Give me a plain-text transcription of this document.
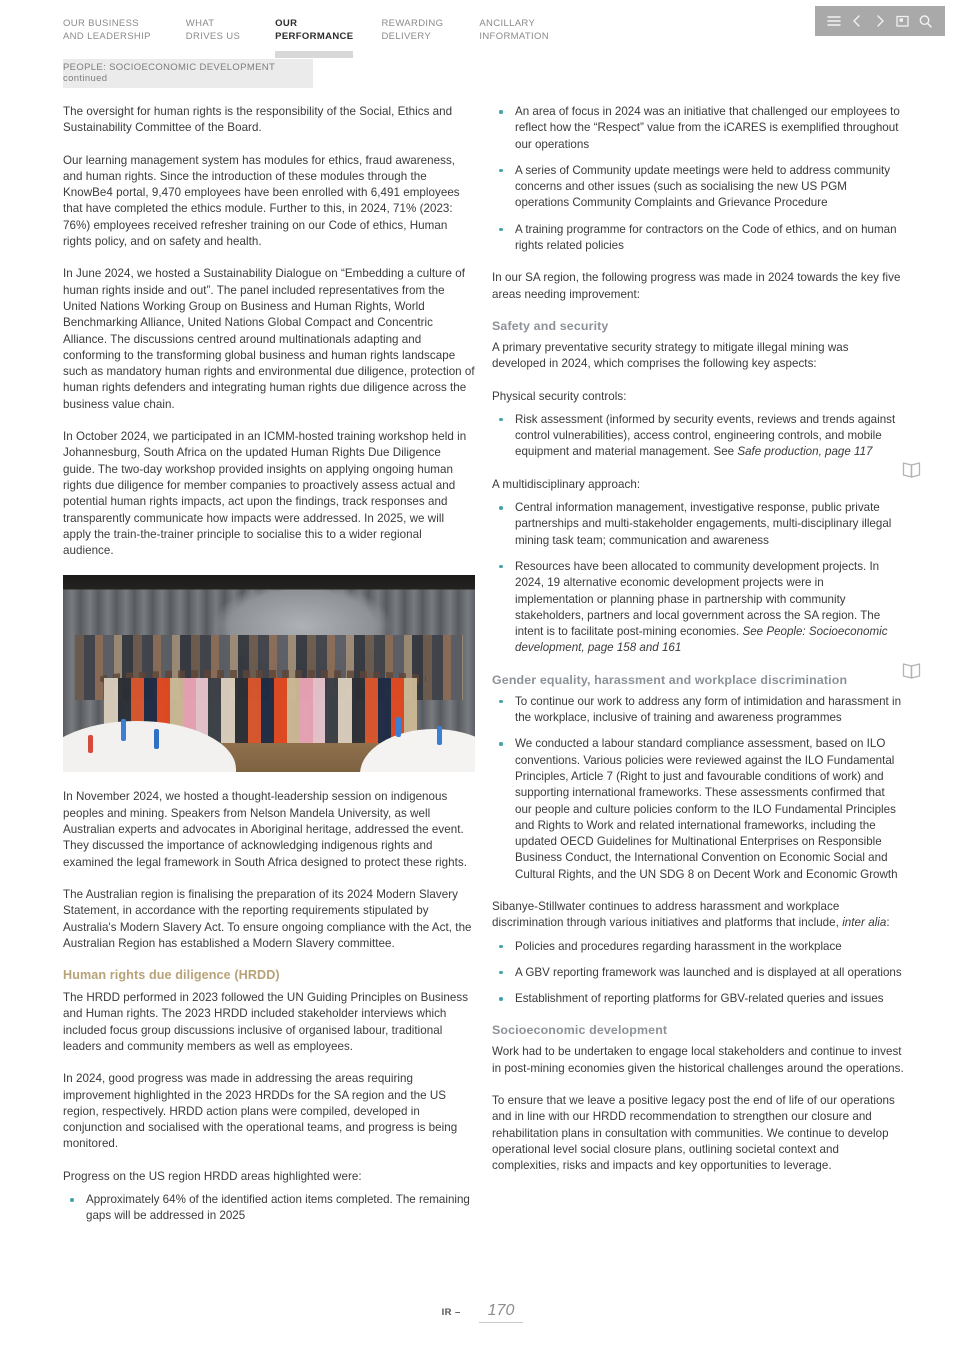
OUR BUSINESS
AND LEADERSHIP
WHAT
DRIVES US
OUR
PERFORMANCE
REWARDING
DELIVERY
ANCILLARY
INFORMATION
PEOPLE: SOCIOECONOMIC DEVELOPMENT continued

The oversight for human rights is the responsibility of the Social, Ethics and Sustainability Committee of the Board.

Our learning management system has modules for ethics, fraud awareness, and human rights. Since the introduction of these modules through the KnowBe4 portal, 9,470 employees have been enrolled with 6,491 employees that have completed the ethics module. Further to this, in 2024, 71% (2023: 76%) employees received refresher training on our Code of ethics, Human rights policy, and on safety and health.

In June 2024, we hosted a Sustainability Dialogue on “Embedding a culture of human rights inside and out”. The panel included representatives from the United Nations Working Group on Business and Human Rights, World Benchmarking Alliance, United Nations Global Compact and Concentric Alliance. The discussions centred around multinationals adapting and conforming to the transforming global business and human rights landscape such as mandatory human rights and environmental due diligence, protection of human rights defenders and integrating human rights due diligence across the business value chain.

In October 2024, we participated in an ICMM-hosted training workshop held in Johannesburg, South Africa on the updated Human Rights Due Diligence guide. The two-day workshop provided insights on applying ongoing human rights due diligence for member companies to proactively assess actual and potential human rights impacts, act upon the findings, track responses and transparently communicate how impacts were addressed. In 2025, we will apply the train-the-trainer principle to socialise this to a wider regional audience.

In November 2024, we hosted a thought-leadership session on indigenous peoples and mining. Speakers from Nelson Mandela University, as well Australian experts and advocates in Aboriginal heritage, addressed the event. They discussed the importance of acknowledging indigenous rights and examined the legal framework in South Africa designed to protect these rights.

The Australian region is finalising the preparation of its 2024 Modern Slavery Statement, in accordance with the reporting requirements stipulated by Australia's Modern Slavery Act. To ensure ongoing compliance with the Act, the Australian Region has established a Modern Slavery committee.

Human rights due diligence (HRDD)

The HRDD performed in 2023 followed the UN Guiding Principles on Business and Human rights. The 2023 HRDD included stakeholder interviews which included focus group discussions inclusive of organised labour, traditional leaders and community members as well as employees.

In 2024, good progress was made in addressing the areas requiring improvement highlighted in the 2023 HRDDs for the SA region and the US region, respectively. HRDD action plans were compiled, developed in conjunction and socialised with the operational teams, and progress is being monitored.

Progress on the US region HRDD areas highlighted were:

Approximately 64% of the identified action items completed. The remaining gaps will be addressed in 2025
An area of focus in 2024 was an initiative that challenged our employees to reflect how the “Respect” value from the iCARES is exemplified throughout our operations
A series of Community update meetings were held to address community concerns and other issues (such as socialising the new US PGM operations Community Complaints and Grievance Procedure
A training programme for contractors on the Code of ethics, and on human rights related policies

In our SA region, the following progress was made in 2024 towards the key five areas needing improvement:

Safety and security

A primary preventative security strategy to mitigate illegal mining was developed in 2024, which comprises the following key aspects:

Physical security controls:

Risk assessment (informed by security events, reviews and trends against control vulnerabilities), access control, engineering controls, and mobile equipment and material management. See Safe production, page 117

A multidisciplinary approach:

Central information management, investigative response, public private partnerships and multi-stakeholder engagements, multi-disciplinary illegal mining task team; communication and awareness
Resources have been allocated to community development projects. In 2024, 19 alternative economic development projects were in implementation or planning phase in partnership with community stakeholders, partners and local government across the SA region. The intent is to facilitate post-mining economies. See People: Socioeconomic development, page 158 and 161
Gender equality, harassment and workplace discrimination
To continue our work to address any form of intimidation and harassment in the workplace, inclusive of training and awareness programmes
We conducted a labour standard compliance assessment, based on ILO conventions. Various policies were reviewed against the ILO Fundamental Principles, Article 7 (Right to just and favourable conditions of work) and supporting international frameworks. These assessments confirmed that our people and culture policies conform to the ILO Fundamental Principles and Rights to Work and related international frameworks, including the updated OECD Guidelines for Multinational Enterprises on Responsible Business Conduct, the International Convention on Economic Social and Cultural Rights, and the UN SDG 8 on Decent Work and Economic Growth

Sibanye-Stillwater continues to address harassment and workplace discrimination through various initiatives and platforms that include, inter alia:

Policies and procedures regarding harassment in the workplace
A GBV reporting framework was launched and is displayed at all operations
Establishment of reporting platforms for GBV-related queries and issues
Socioeconomic development

Work had to be undertaken to engage local stakeholders and continue to invest in post-mining economies given the historical challenges around the operations.

To ensure that we leave a positive legacy post the end of life of our operations and in line with our HRDD recommendation to strengthen our closure and rehabilitation plans in consultation with communities. We continue to develop operational level social closure plans, outlining societal context and complexities, risks and impacts and key opportunities to leverage.

IR –	170
